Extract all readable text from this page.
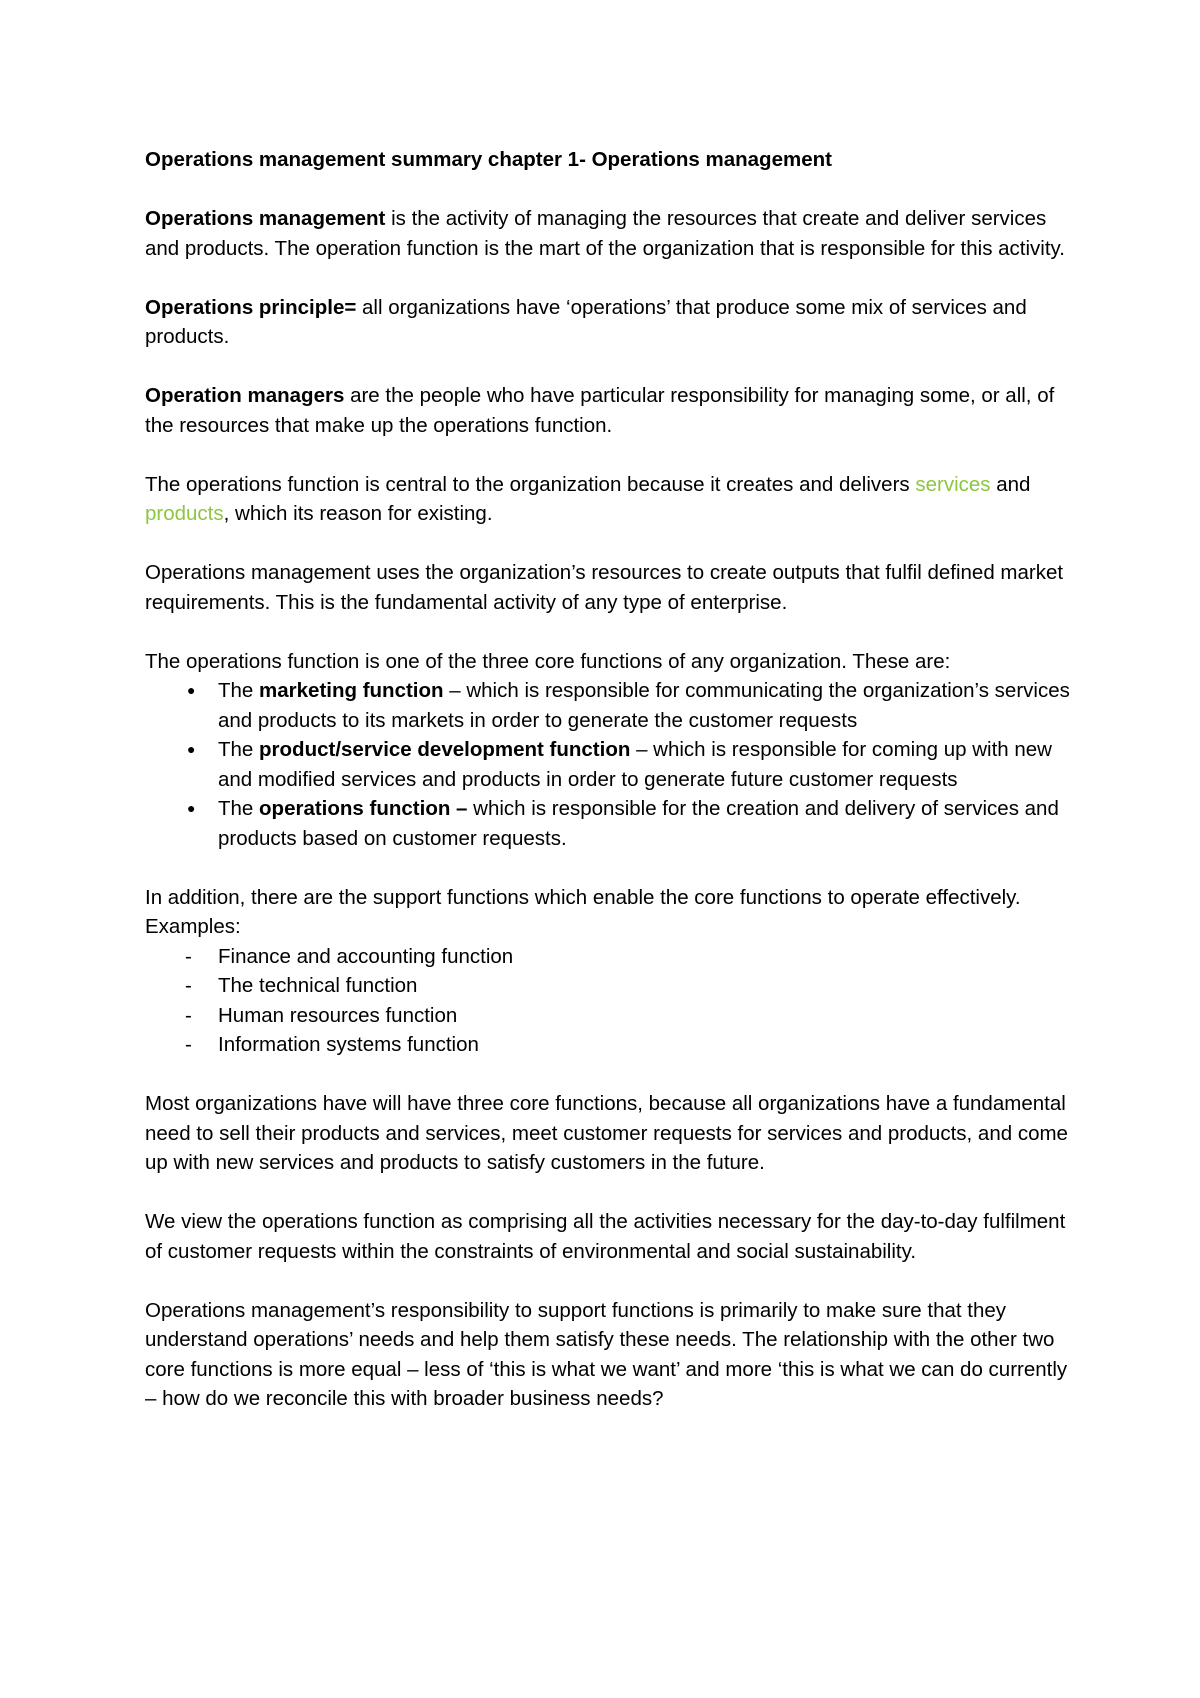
Operations management summary chapter 1- Operations management

Operations management is the activity of managing the resources that create and deliver services and products. The operation function is the mart of the organization that is responsible for this activity.

Operations principle= all organizations have ‘operations’ that produce some mix of services and products.

Operation managers are the people who have particular responsibility for managing some, or all, of the resources that make up the operations function.

The operations function is central to the organization because it creates and delivers services and products, which its reason for existing.

Operations management uses the organization’s resources to create outputs that fulfil defined market requirements. This is the fundamental activity of any type of enterprise.

The operations function is one of the three core functions of any organization. These are:

● The marketing function – which is responsible for communicating the organization’s services and products to its markets in order to generate the customer requests
● The product/service development function – which is responsible for coming up with new and modified services and products in order to generate future customer requests
● The operations function – which is responsible for the creation and delivery of services and products based on customer requests.

In addition, there are the support functions which enable the core functions to operate effectively. Examples:

- Finance and accounting function
- The technical function
- Human resources function
- Information systems function

Most organizations have will have three core functions, because all organizations have a fundamental need to sell their products and services, meet customer requests for services and products, and come up with new services and products to satisfy customers in the future.

We view the operations function as comprising all the activities necessary for the day-to-day fulfilment of customer requests within the constraints of environmental and social sustainability.

Operations management’s responsibility to support functions is primarily to make sure that they understand operations’ needs and help them satisfy these needs. The relationship with the other two core functions is more equal – less of ‘this is what we want’ and more ‘this is what we can do currently – how do we reconcile this with broader business needs?
